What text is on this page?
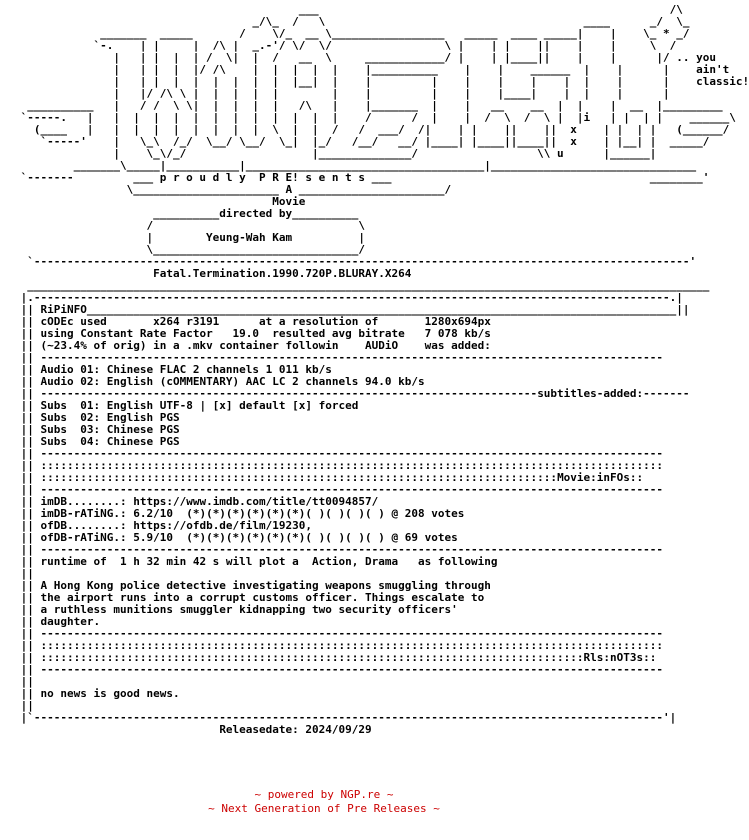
___                                                     /\
_/\_  /   \                                       ____      _/  \_
_______  _____       /    \/_  __ \_________________   _____  ____ _____|    |    \_ * _/
`-.    | |     |  /\ |  _.-'/ \/  \/                 \ |    | |    ||    |    |     \  /
|   | |  |  | /  \|  |  /   __  \     ____________/ |    | |____||    |    |      |/ .. you
|   | |  |  |/ /\    |  |  |  |  |    |__________    |    |    ______  |    |      |    ain't
|   | |  |  |  |  |  |  |  |__|  |    |         |    |    |    |    |  |    |      |    classic!
|   |/ /\ \ |  |  |  |  |        |    |         |    |    |____|    |  |    |      |
__________   |   / /  \ \|  |  |  |  |   /\   |    |_______  |    |   __    __  |  |    |  __  |_________
`-----.   |   |  |  |  |  |  |  |  |  |  |  |  |    /      /  |    |  /  \  /  \ |  |i   | |  | |    ______\
(____   |   |  |  |  |  |  |  |  |  \  |  |  /   /  ___/  /|    | |    ||    ||  x    | |  | |   (______/
`-----'    |   \_\  /_/  \__/ \__/  \_|  |_/   /__/   __/ |____| |____||____||  x    | |__| |  _____/
|    \_\/_/                   |______________/                  \\ u      |______|
_______\_____|___________|____________________________________|_______________________________
`-------         ___ p r o u d l y  P R E! s e n t s ___                                       ________'
\______________________ A ______________________/
Movie
__________directed by__________
/                               \
|        Yeung-Wah Kam          |
\_______________________________/
`---------------------------------------------------------------------------------------------------'
Fatal.Termination.1990.720P.BLURAY.X264
_______________________________________________________________________________________________________
|.------------------------------------------------------------------------------------------------.|
|| RiPiNFO_________________________________________________________________________________________||
|| cODEc used       x264 r3191      at a resolution of       1280x694px
|| using Constant Rate Factor   19.0  resulted avg bitrate   7 078 kb/s
|| (~23.4% of orig) in a .mkv container followin    AUDiO    was added:
|| ----------------------------------------------------------------------------------------------
|| Audio 01: Chinese FLAC 2 channels 1 011 kb/s
|| Audio 02: English (cOMMENTARY) AAC LC 2 channels 94.0 kb/s
|| ---------------------------------------------------------------------------subtitles-added:-------
|| Subs  01: English UTF-8 | [x] default [x] forced
|| Subs  02: English PGS
|| Subs  03: Chinese PGS
|| Subs  04: Chinese PGS
|| ----------------------------------------------------------------------------------------------
|| ::::::::::::::::::::::::::::::::::::::::::::::::::::::::::::::::::::::::::::::::::::::::::::::
|| ::::::::::::::::::::::::::::::::::::::::::::::::::::::::::::::::::::::::::::::Movie:inFOs::
|| ----------------------------------------------------------------------------------------------
|| imDB........: https://www.imdb.com/title/tt0094857/
|| imDB-rATiNG.: 6.2/10  (*)(*)(*)(*)(*)(*)( )( )( )( ) @ 208 votes
|| ofDB........: https://ofdb.de/film/19230,
|| ofDB-rATiNG.: 5.9/10  (*)(*)(*)(*)(*)(*)( )( )( )( ) @ 69 votes
|| ----------------------------------------------------------------------------------------------
|| runtime of  1 h 32 min 42 s will plot a  Action, Drama   as following
||
|| A Hong Kong police detective investigating weapons smuggling through
|| the airport runs into a corrupt customs officer. Things escalate to
|| a ruthless munitions smuggler kidnapping two security officers'
|| daughter.
|| ----------------------------------------------------------------------------------------------
|| ::::::::::::::::::::::::::::::::::::::::::::::::::::::::::::::::::::::::::::::::::::::::::::::
|| ::::::::::::::::::::::::::::::::::::::::::::::::::::::::::::::::::::::::::::::::::Rls:nOT3s::
|| ----------------------------------------------------------------------------------------------
||
|| no news is good news.
||
|`-----------------------------------------------------------------------------------------------'|
Releasedate: 2024/09/29
~ powered by NGP.re ~
~ Next Generation of Pre Releases ~
